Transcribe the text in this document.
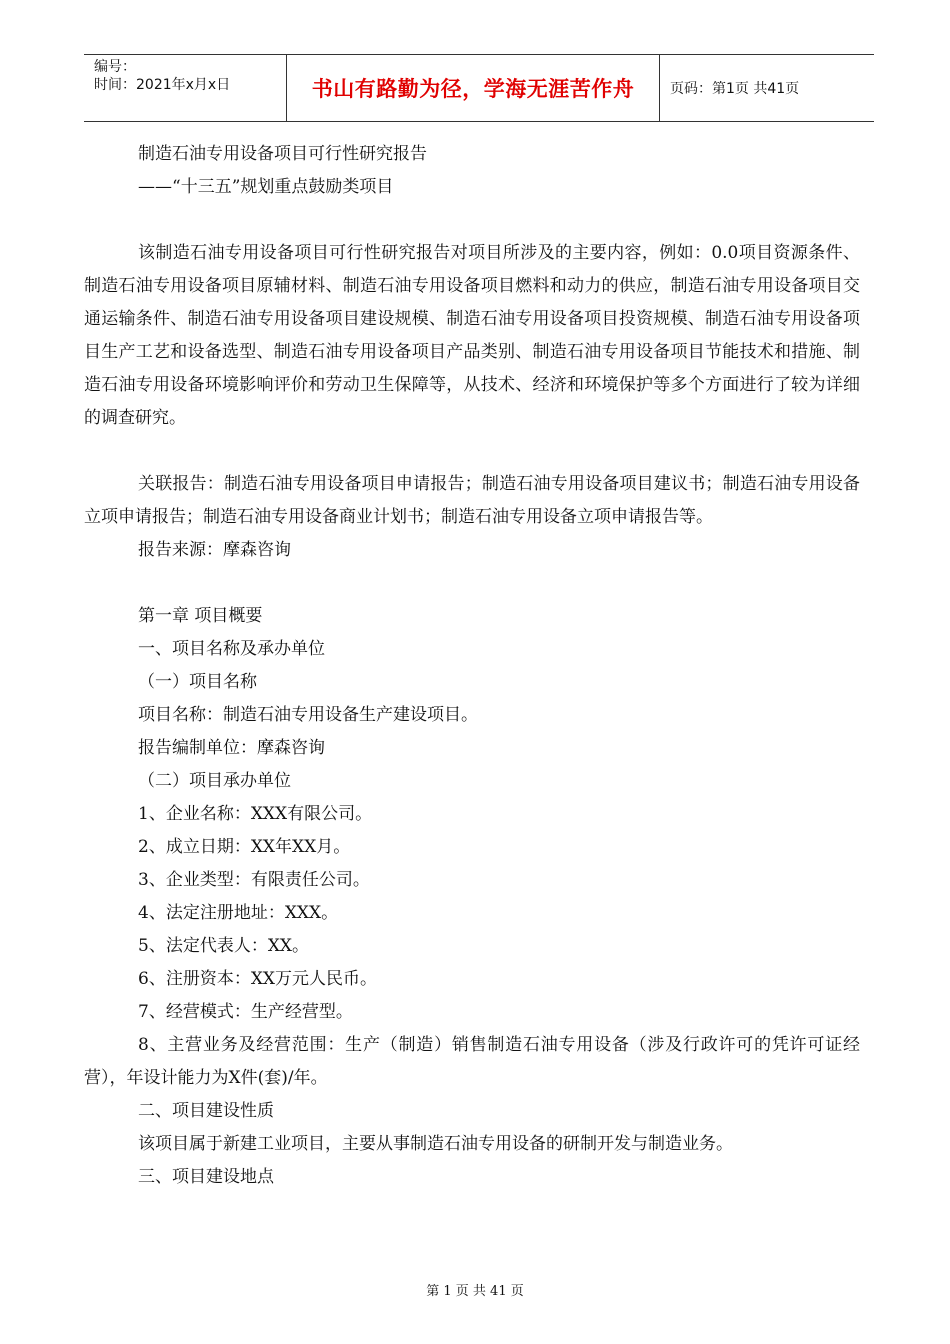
编号：
时间：2021年x月x日	书山有路勤为径，学海无涯苦作舟	页码：第1页 共41页
制造石油专用设备项目可行性研究报告
——“十三五”规划重点鼓励类项目
该制造石油专用设备项目可行性研究报告对项目所涉及的主要内容，例如：0.0项目资源条件、制造石油专用设备项目原辅材料、制造石油专用设备项目燃料和动力的供应，制造石油专用设备项目交通运输条件、制造石油专用设备项目建设规模、制造石油专用设备项目投资规模、制造石油专用设备项目生产工艺和设备选型、制造石油专用设备项目产品类别、制造石油专用设备项目节能技术和措施、制造石油专用设备环境影响评价和劳动卫生保障等，从技术、经济和环境保护等多个方面进行了较为详细的调查研究。
关联报告：制造石油专用设备项目申请报告；制造石油专用设备项目建议书；制造石油专用设备立项申请报告；制造石油专用设备商业计划书；制造石油专用设备立项申请报告等。
报告来源：摩森咨询
第一章 项目概要
一、项目名称及承办单位
（一）项目名称
项目名称：制造石油专用设备生产建设项目。
报告编制单位：摩森咨询
（二）项目承办单位
1、企业名称：XXX有限公司。
2、成立日期：XX年XX月。
3、企业类型：有限责任公司。
4、法定注册地址：XXX。
5、法定代表人：XX。
6、注册资本：XX万元人民币。
7、经营模式：生产经营型。
8、主营业务及经营范围：生产（制造）销售制造石油专用设备（涉及行政许可的凭许可证经营），年设计能力为X件(套)/年。
二、项目建设性质
该项目属于新建工业项目，主要从事制造石油专用设备的研制开发与制造业务。
三、项目建设地点
第 1 页 共 41 页
